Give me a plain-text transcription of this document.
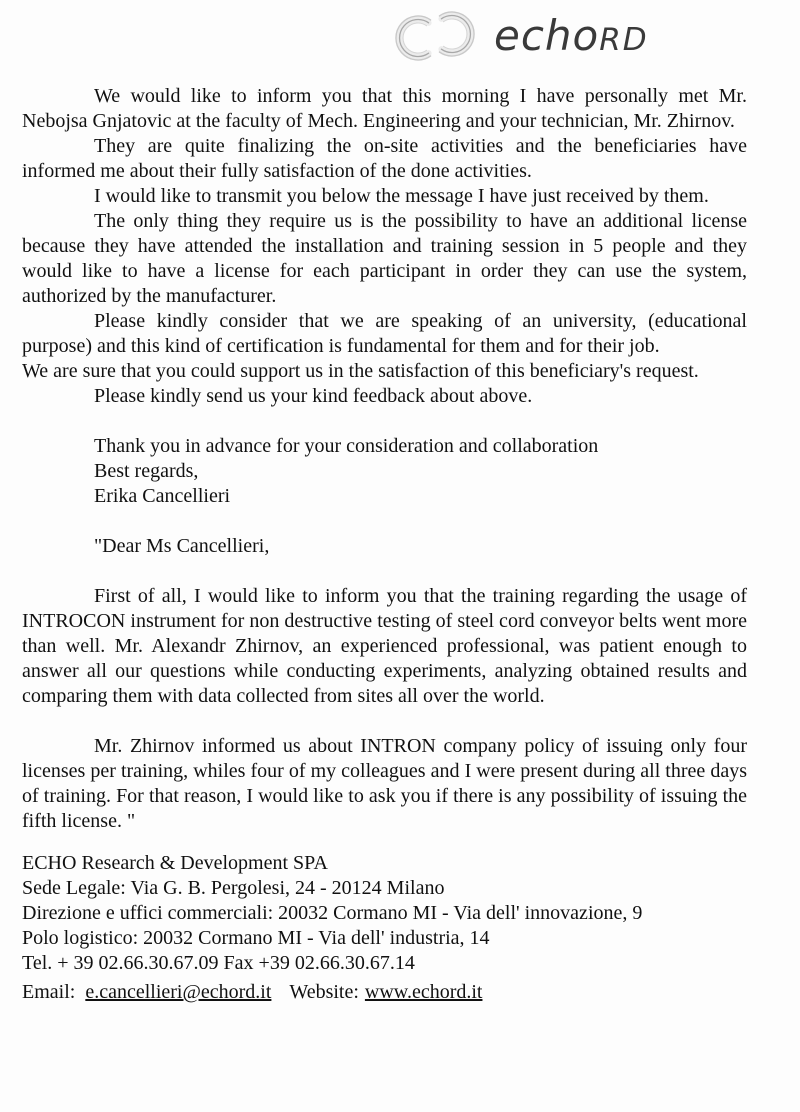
echoRD

We would like to inform you that this morning I have personally met Mr. Nebojsa Gnjatovic at the faculty of Mech. Engineering and your technician, Mr. Zhirnov.

They are quite finalizing the on-site activities and the beneficiaries have informed me about their fully satisfaction of the done activities.

I would like to transmit you below the message I have just received by them.

The only thing they require us is the possibility to have an additional license because they have attended the installation and training session in 5 people and they would like to have a license for each participant in order they can use the system, authorized by the manufacturer.

Please kindly consider that we are speaking of an university, (educational purpose) and this kind of certification is fundamental for them and for their job.

We are sure that you could support us in the satisfaction of this beneficiary's request.

Please kindly send us your kind feedback about above.

Thank you in advance for your consideration and collaboration

Best regards,

Erika Cancellieri

"Dear Ms Cancellieri,

First of all, I would like to inform you that the training regarding the usage of INTROCON instrument for non destructive testing of steel cord conveyor belts went more than well. Mr. Alexandr Zhirnov, an experienced professional, was patient enough to answer all our questions while conducting experiments, analyzing obtained results and comparing them with data collected from sites all over the world.

Mr. Zhirnov informed us about INTRON company policy of issuing only four licenses per training, whiles four of my colleagues and I were present during all three days of training. For that reason, I would like to ask you if there is any possibility of issuing the fifth license. "

ECHO Research & Development SPA

Sede Legale: Via G. B. Pergolesi, 24 - 20124 Milano

Direzione e uffici commerciali: 20032 Cormano MI - Via dell' innovazione, 9

Polo logistico: 20032 Cormano MI - Via dell' industria, 14

Tel. + 39 02.66.30.67.09 Fax +39 02.66.30.67.14

Email: e.cancellieri@echord.it Website: www.echord.it
